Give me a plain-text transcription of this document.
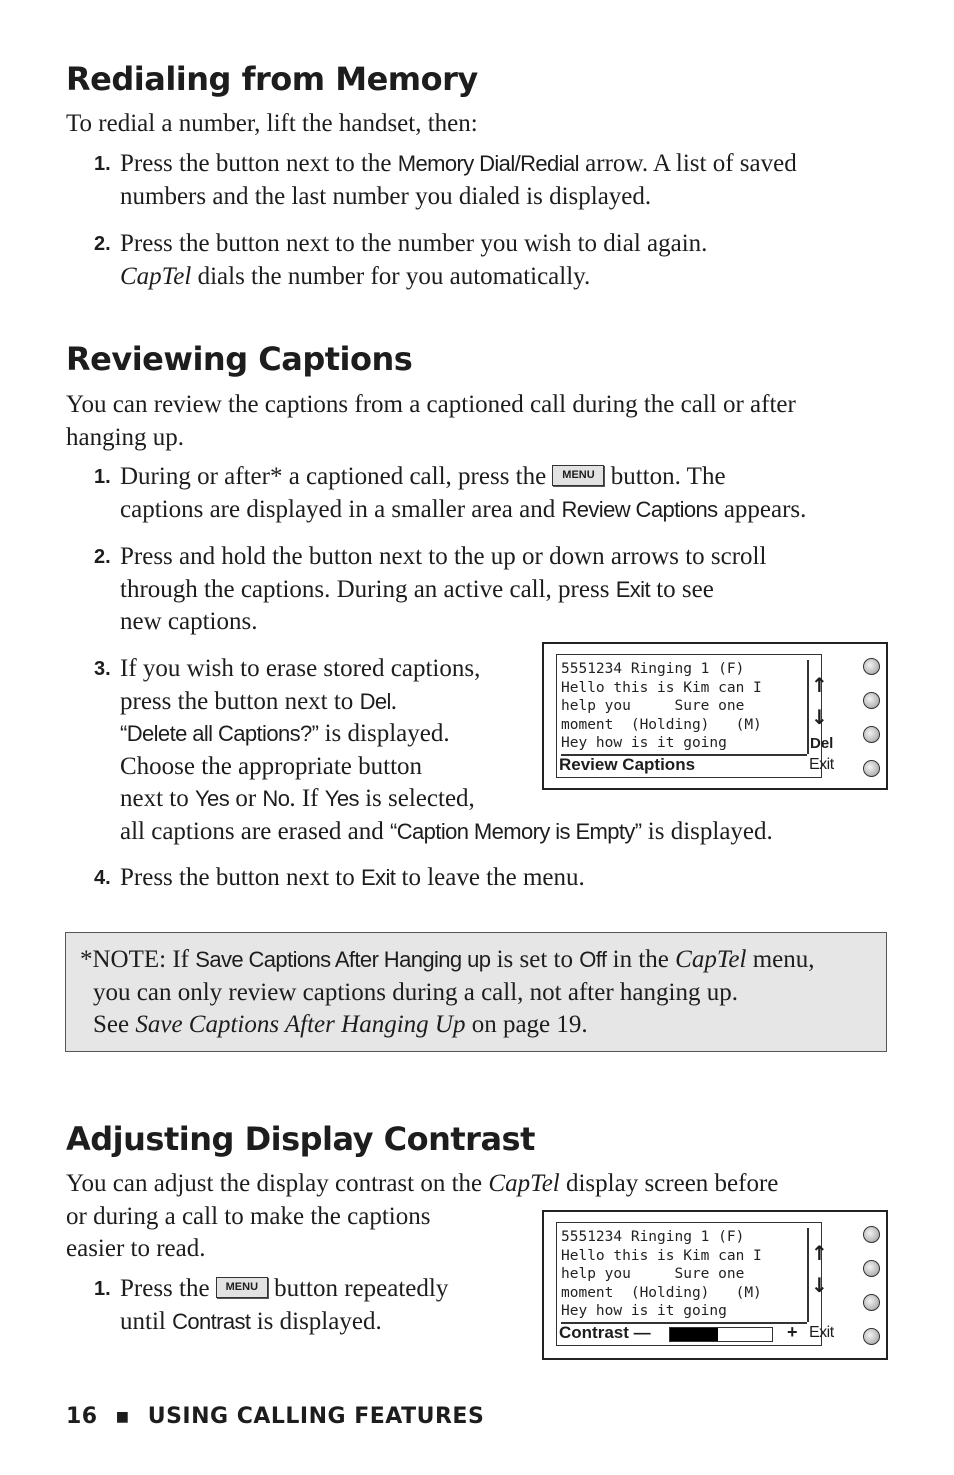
Redialing from Memory

To redial a number, lift the handset, then:

1. Press the button next to the Memory Dial/Redial arrow. A list of saved
numbers and the last number you dialed is displayed.
2. Press the button next to the number you wish to dial again.
CapTel dials the number for you automatically.
Reviewing Captions
You can review the captions from a captioned call during the call or after
hanging up.
1. During or after* a captioned call, press the MENU button. The
captions are displayed in a smaller area and Review Captions appears.
2. Press and hold the button next to the up or down arrows to scroll
through the captions. During an active call, press Exit to see
new captions.
3. If you wish to erase stored captions,
press the button next to Del.
“Delete all Captions?” is displayed.
Choose the appropriate button
next to Yes or No. If Yes is selected,
all captions are erased and “Caption Memory is Empty” is displayed.
5551234 Ringing 1 (F)
Hello this is Kim can I
help you     Sure one
moment  (Holding)   (M)
Hey how is it going
↑
↓
Del
Review Captions	Exit
4. Press the button next to Exit to leave the menu.
*NOTE: If Save Captions After Hanging up is set to Off in the CapTel menu,
you can only review captions during a call, not after hanging up.
See Save Captions After Hanging Up on page 19.
Adjusting Display Contrast
You can adjust the display contrast on the CapTel display screen before
or during a call to make the captions
easier to read.
1. Press the MENU button repeatedly
until Contrast is displayed.
5551234 Ringing 1 (F)
Hello this is Kim can I
help you     Sure one
moment  (Holding)   (M)
Hey how is it going
↑
↓
Contrast —	+ Exit
16 ■ USING CALLING FEATURES
